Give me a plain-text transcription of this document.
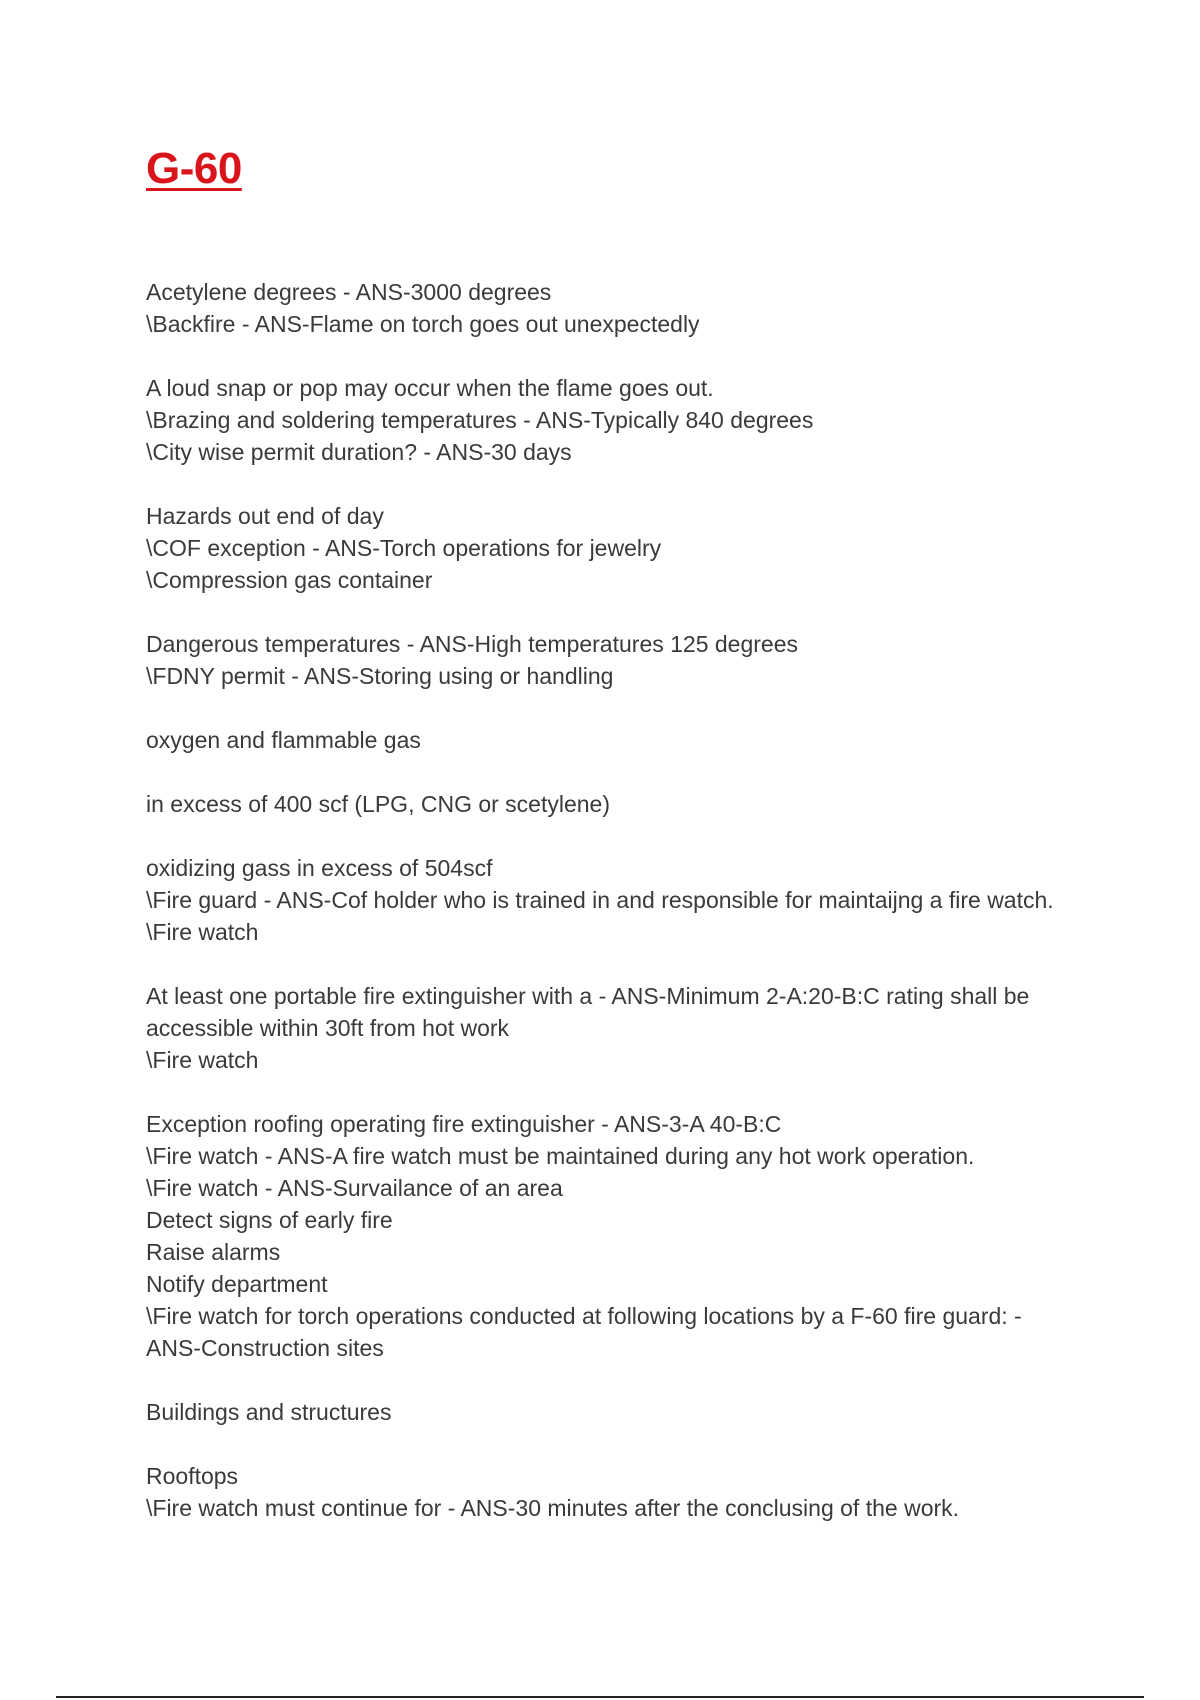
G-60
Acetylene degrees - ANS-3000 degrees
\Backfire - ANS-Flame on torch goes out unexpectedly
A loud snap or pop may occur when the flame goes out.
\Brazing and soldering temperatures - ANS-Typically 840 degrees
\City wise permit duration? - ANS-30 days
Hazards out end of day
\COF exception - ANS-Torch operations for jewelry
\Compression gas container
Dangerous temperatures - ANS-High temperatures 125 degrees
\FDNY permit - ANS-Storing using or handling
oxygen and flammable gas
in excess of 400 scf (LPG, CNG or scetylene)
oxidizing gass in excess of 504scf
\Fire guard - ANS-Cof holder who is trained in and responsible for maintaijng a fire watch.
\Fire watch
At least one portable fire extinguisher with a - ANS-Minimum 2-A:20-B:C rating shall be accessible within 30ft from hot work
\Fire watch
Exception roofing operating fire extinguisher - ANS-3-A 40-B:C
\Fire watch - ANS-A fire watch must be maintained during any hot work operation.
\Fire watch - ANS-Survailance of an area
Detect signs of early fire
Raise alarms
Notify department
\Fire watch for torch operations conducted at following locations by a F-60 fire guard: - ANS-Construction sites
Buildings and structures
Rooftops
\Fire watch must continue for - ANS-30 minutes after the conclusing of the work.
